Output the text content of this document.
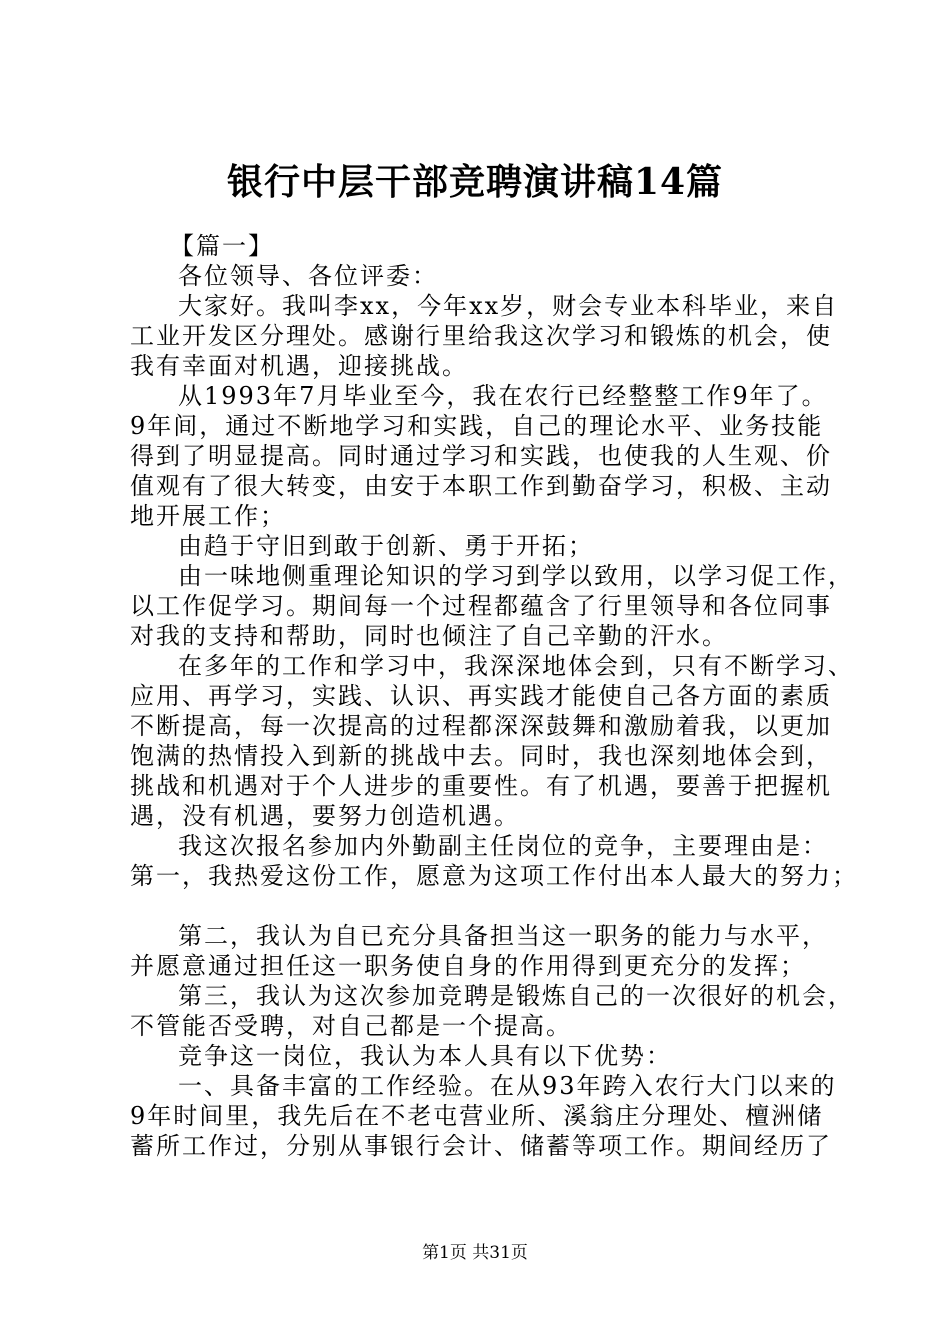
银行中层干部竞聘演讲稿14篇
【篇一】
各位领导、各位评委：
大家好。我叫李xx，今年xx岁，财会专业本科毕业，来自
工业开发区分理处。感谢行里给我这次学习和锻炼的机会，使
我有幸面对机遇，迎接挑战。
从1993年7月毕业至今，我在农行已经整整工作9年了。
9年间，通过不断地学习和实践，自己的理论水平、业务技能
得到了明显提高。同时通过学习和实践，也使我的人生观、价
值观有了很大转变，由安于本职工作到勤奋学习，积极、主动
地开展工作；
由趋于守旧到敢于创新、勇于开拓；
由一味地侧重理论知识的学习到学以致用，以学习促工作，
以工作促学习。期间每一个过程都蕴含了行里领导和各位同事
对我的支持和帮助，同时也倾注了自己辛勤的汗水。
在多年的工作和学习中，我深深地体会到，只有不断学习、
应用、再学习，实践、认识、再实践才能使自己各方面的素质
不断提高，每一次提高的过程都深深鼓舞和激励着我，以更加
饱满的热情投入到新的挑战中去。同时，我也深刻地体会到，
挑战和机遇对于个人进步的重要性。有了机遇，要善于把握机
遇，没有机遇，要努力创造机遇。
我这次报名参加内外勤副主任岗位的竞争，主要理由是：
第一，我热爱这份工作，愿意为这项工作付出本人最大的努力；
第二，我认为自已充分具备担当这一职务的能力与水平，
并愿意通过担任这一职务使自身的作用得到更充分的发挥；
第三，我认为这次参加竞聘是锻炼自己的一次很好的机会，
不管能否受聘，对自己都是一个提高。
竞争这一岗位，我认为本人具有以下优势：
一、具备丰富的工作经验。在从93年跨入农行大门以来的
9年时间里，我先后在不老屯营业所、溪翁庄分理处、檀洲储
蓄所工作过，分别从事银行会计、储蓄等项工作。期间经历了
第1页 共31页
